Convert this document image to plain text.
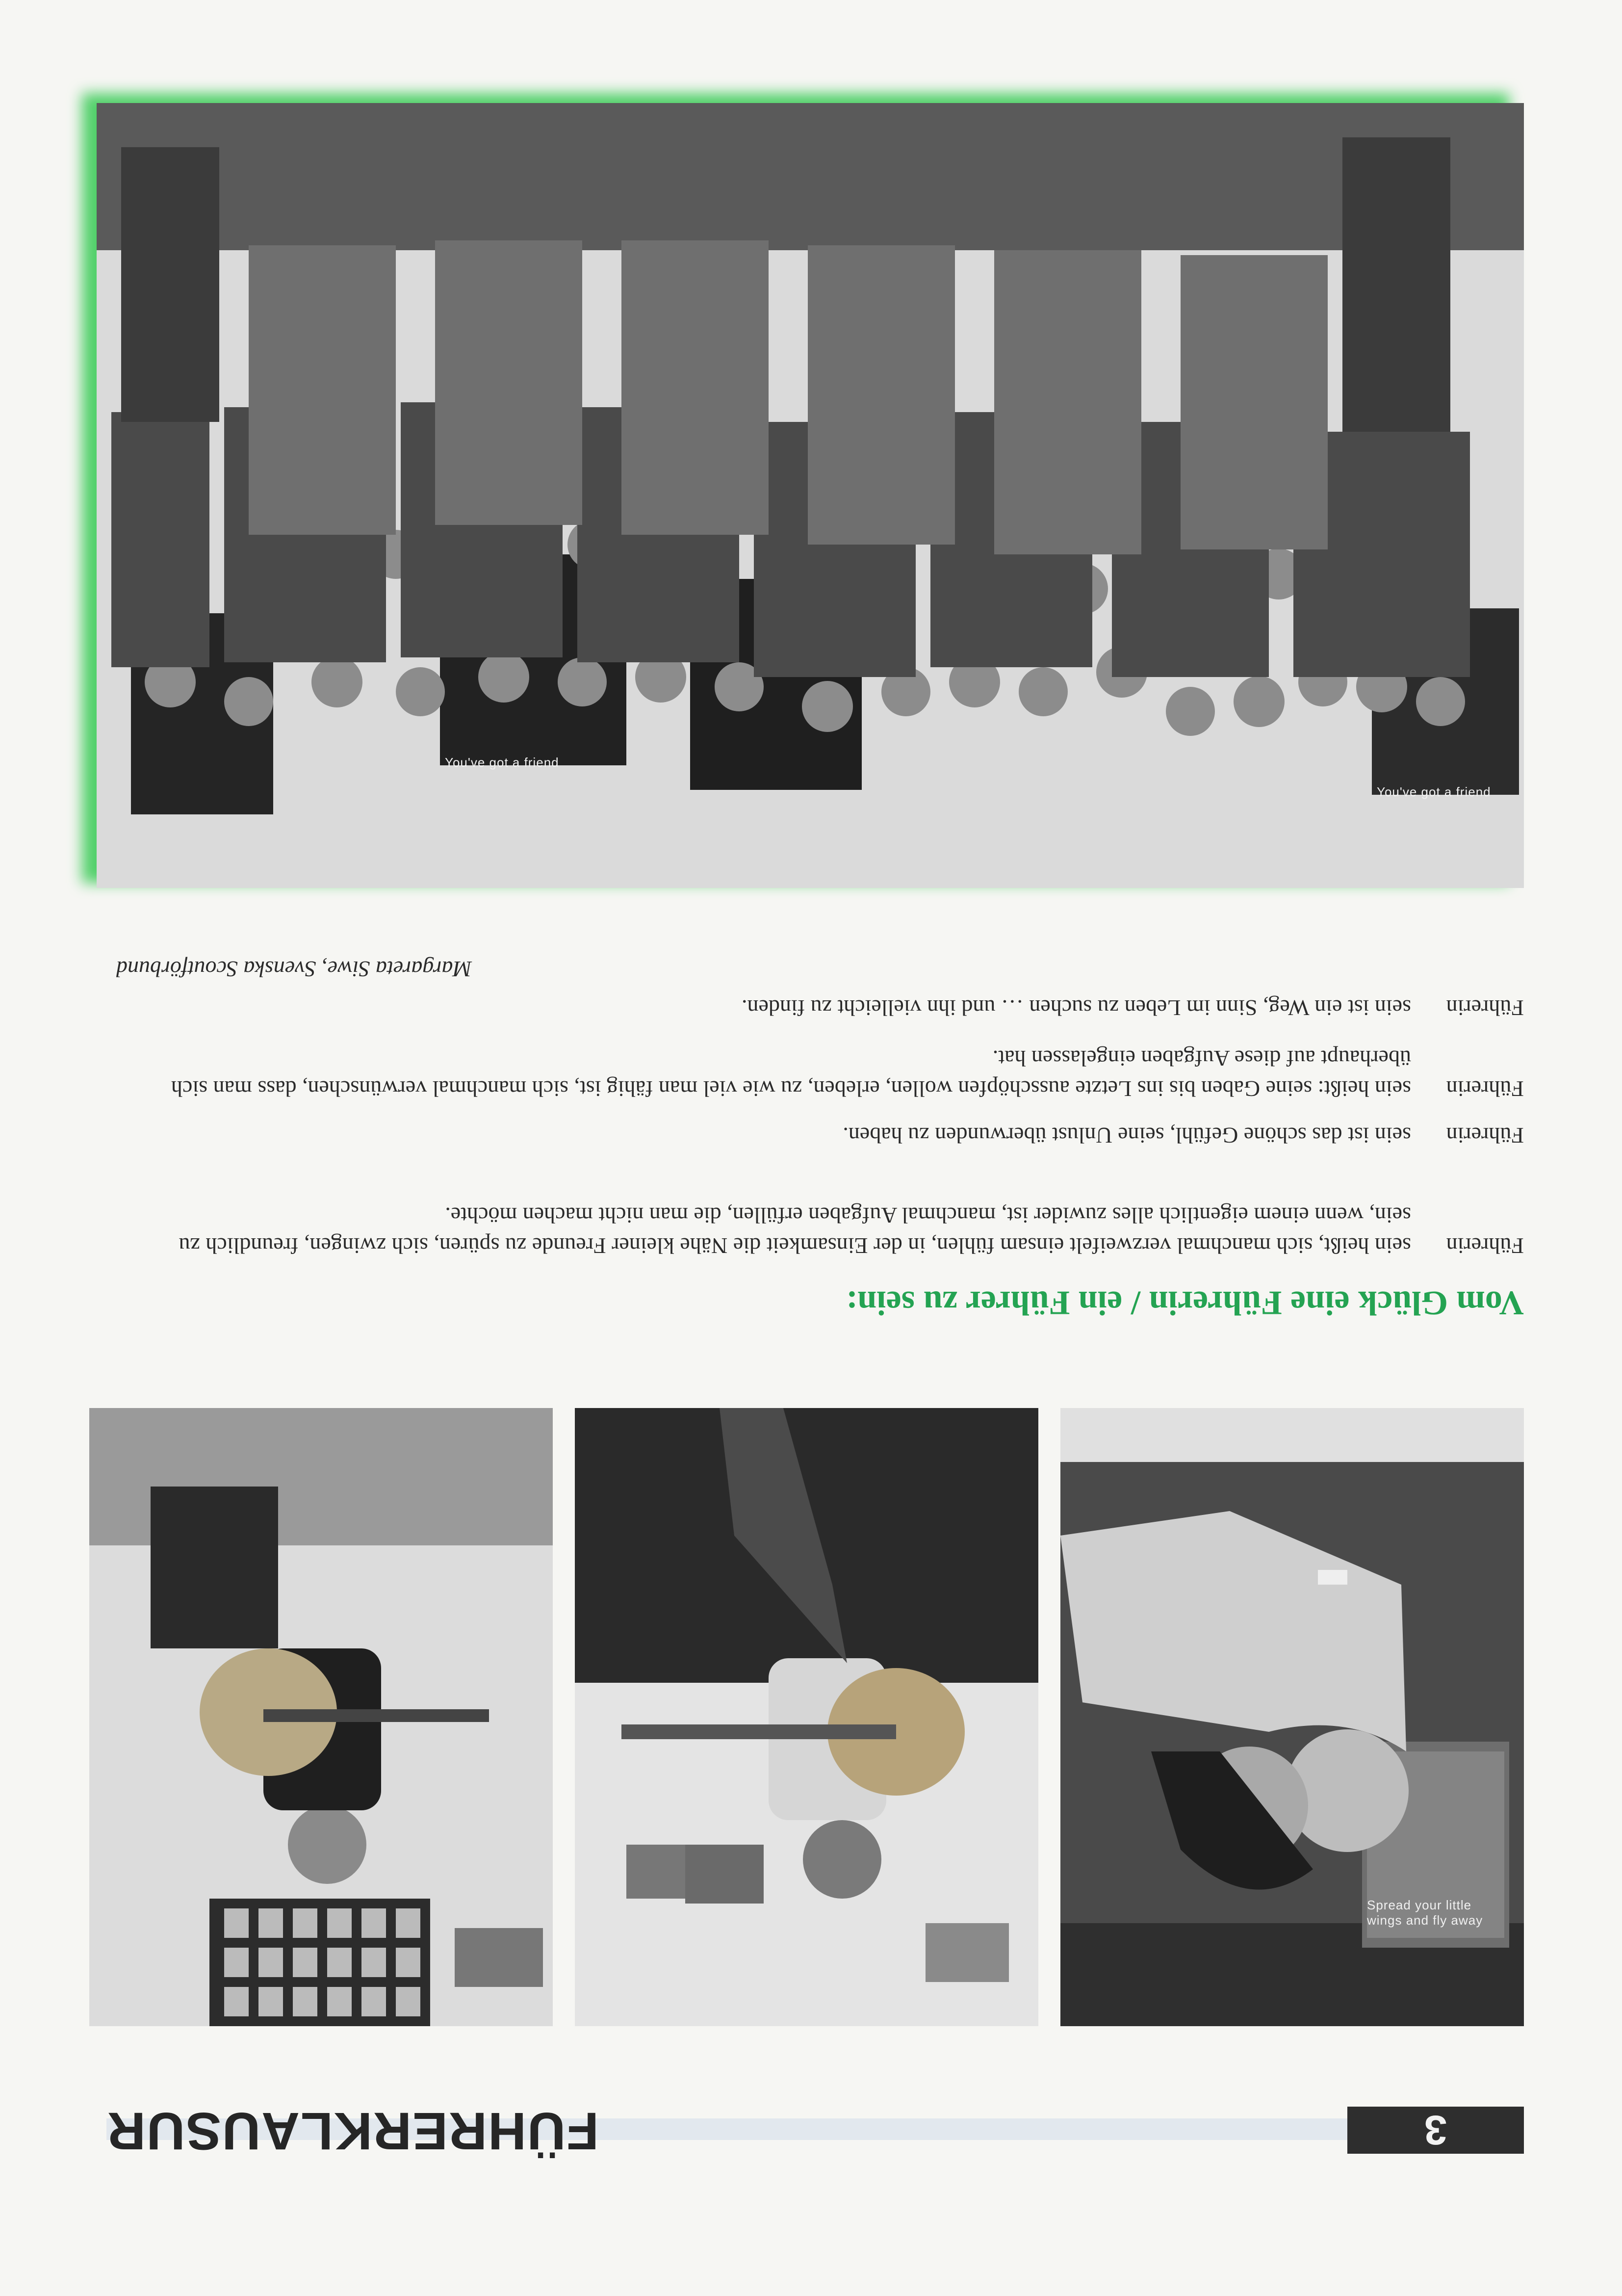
3
FÜHRERKLAUSUR
Spread your little wings and fly away
Vom Glück eine Führerin / ein Führer zu sein:
Führerin
sein heißt, sich manchmal verzweifelt einsam fühlen, in der Einsamkeit die Nähe kleiner Freunde zu spüren, sich zwingen, freundlich zu sein, wenn einem eigentlich alles zuwider ist, manchmal Aufgaben erfüllen, die man nicht machen möchte.
Führerin
sein ist das schöne Gefühl, seine Unlust überwunden zu haben.
Führerin
sein heißt: seine Gaben bis ins Letzte ausschöpfen wollen, erleben, zu wie viel man fähig ist, sich manchmal verwünschen, dass man sich überhaupt auf diese Aufgaben eingelassen hat.
Führerin
sein ist ein Weg, Sinn im Leben zu suchen … und ihn vielleicht zu finden.
Margareta Siwe, Svenska Scoutförbund
You've got a friend
You've got a friend
